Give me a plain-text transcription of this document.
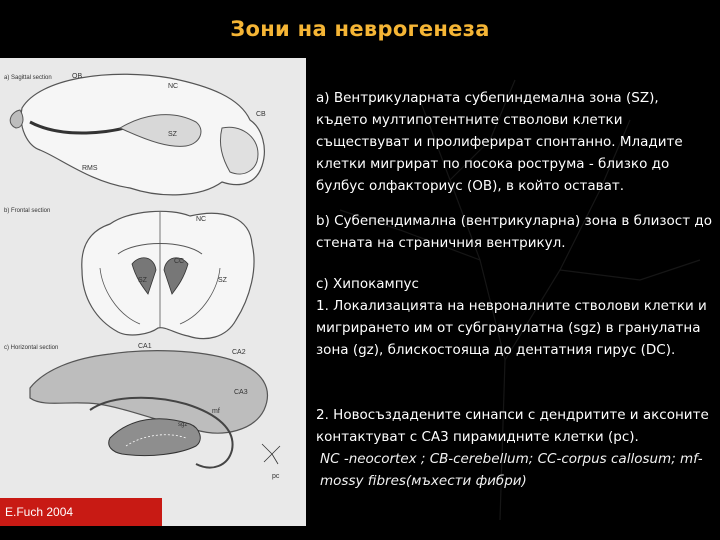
Зони на неврогенеза
OB
NC
CB
SZ
RMS
NC
CC
SZ	SZ
CA1
CA2
CA3
sgz
mf
pc
a) Sagittal section
b) Frontal section
c) Horizontal section
E.Fuch 2004
a) Вентрикуларната субепиндемална зона (SZ), където мултипотентните стволови клетки съществуват и пролиферират спонтанно. Младите клетки мигрират по посока рострума - близко до булбус олфакториус (OB), в който остават.
b) Субепендимална (вентрикуларна) зона в близост до стената на страничния вентрикул.

c) Хипокампус

1. Локализацията на невроналните стволови клетки и мигрирането им от субгранулатна (sgz) в гранулатна зона (gz), блискостояща до дентатния гирус (DC).

2. Новосъздадените синапси с дендритите и аксоните контактуват с CA3 пирамидните клетки (pc).

NC -neocortex ; CB-cerebellum; CC-corpus callosum; mf-mossy fibres(мъхести фибри)
